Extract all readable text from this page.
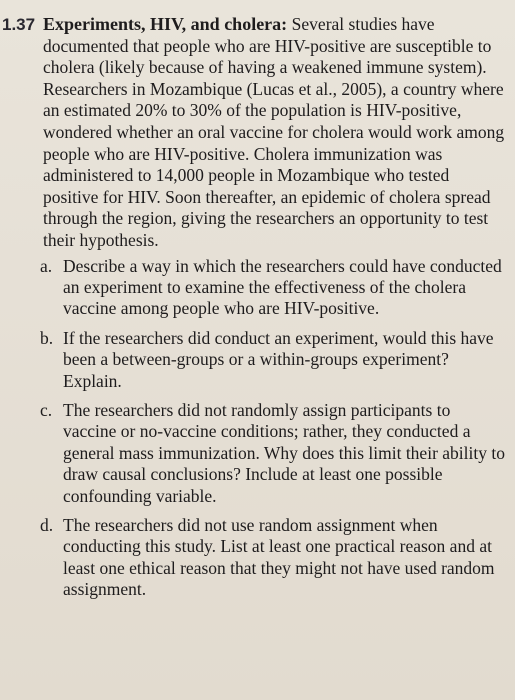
1.37 Experiments, HIV, and cholera: Several studies have documented that people who are HIV-positive are susceptible to cholera (likely because of having a weakened immune system). Researchers in Mozambique (Lucas et al., 2005), a country where an estimated 20% to 30% of the population is HIV-positive, wondered whether an oral vaccine for cholera would work among people who are HIV-positive. Cholera immunization was administered to 14,000 people in Mozambique who tested positive for HIV. Soon thereafter, an epidemic of cholera spread through the region, giving the researchers an opportunity to test their hypothesis.
a. Describe a way in which the researchers could have conducted an experiment to examine the effectiveness of the cholera vaccine among people who are HIV-positive.
b. If the researchers did conduct an experiment, would this have been a between-groups or a within-groups experiment? Explain.
c. The researchers did not randomly assign participants to vaccine or no-vaccine conditions; rather, they conducted a general mass immunization. Why does this limit their ability to draw causal conclusions? Include at least one possible confounding variable.
d. The researchers did not use random assignment when conducting this study. List at least one practical reason and at least one ethical reason that they might not have used random assignment.
